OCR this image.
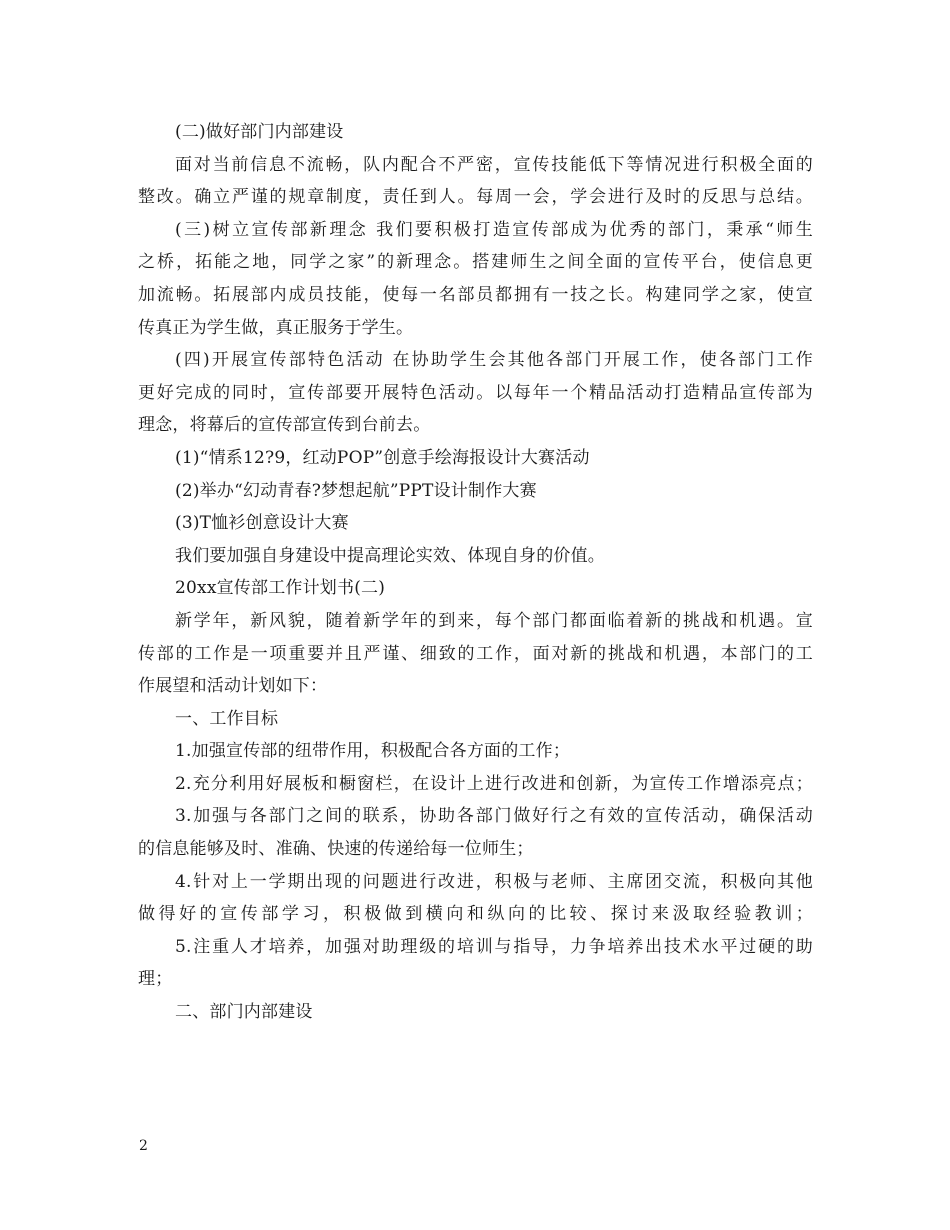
(二)做好部门内部建设
面对当前信息不流畅，队内配合不严密，宣传技能低下等情况进行积极全面的
整改。确立严谨的规章制度，责任到人。每周一会，学会进行及时的反思与总结。
(三)树立宣传部新理念 我们要积极打造宣传部成为优秀的部门，秉承“师生
之桥，拓能之地，同学之家”的新理念。搭建师生之间全面的宣传平台，使信息更
加流畅。拓展部内成员技能，使每一名部员都拥有一技之长。构建同学之家，使宣
传真正为学生做，真正服务于学生。
(四)开展宣传部特色活动 在协助学生会其他各部门开展工作，使各部门工作
更好完成的同时，宣传部要开展特色活动。以每年一个精品活动打造精品宣传部为
理念，将幕后的宣传部宣传到台前去。
(1)“情系12?9，红动POP”创意手绘海报设计大赛活动
(2)举办“幻动青春?梦想起航”PPT设计制作大赛
(3)T恤衫创意设计大赛
我们要加强自身建设中提高理论实效、体现自身的价值。
20xx宣传部工作计划书(二)
新学年，新风貌，随着新学年的到来，每个部门都面临着新的挑战和机遇。宣
传部的工作是一项重要并且严谨、细致的工作，面对新的挑战和机遇，本部门的工
作展望和活动计划如下：
一、工作目标
1.加强宣传部的纽带作用，积极配合各方面的工作；
2.充分利用好展板和橱窗栏，在设计上进行改进和创新，为宣传工作增添亮点；
3.加强与各部门之间的联系，协助各部门做好行之有效的宣传活动，确保活动
的信息能够及时、准确、快速的传递给每一位师生；
4.针对上一学期出现的问题进行改进，积极与老师、主席团交流，积极向其他
做得好的宣传部学习，积极做到横向和纵向的比较、探讨来汲取经验教训；
5.注重人才培养，加强对助理级的培训与指导，力争培养出技术水平过硬的助
理；
二、部门内部建设
2
